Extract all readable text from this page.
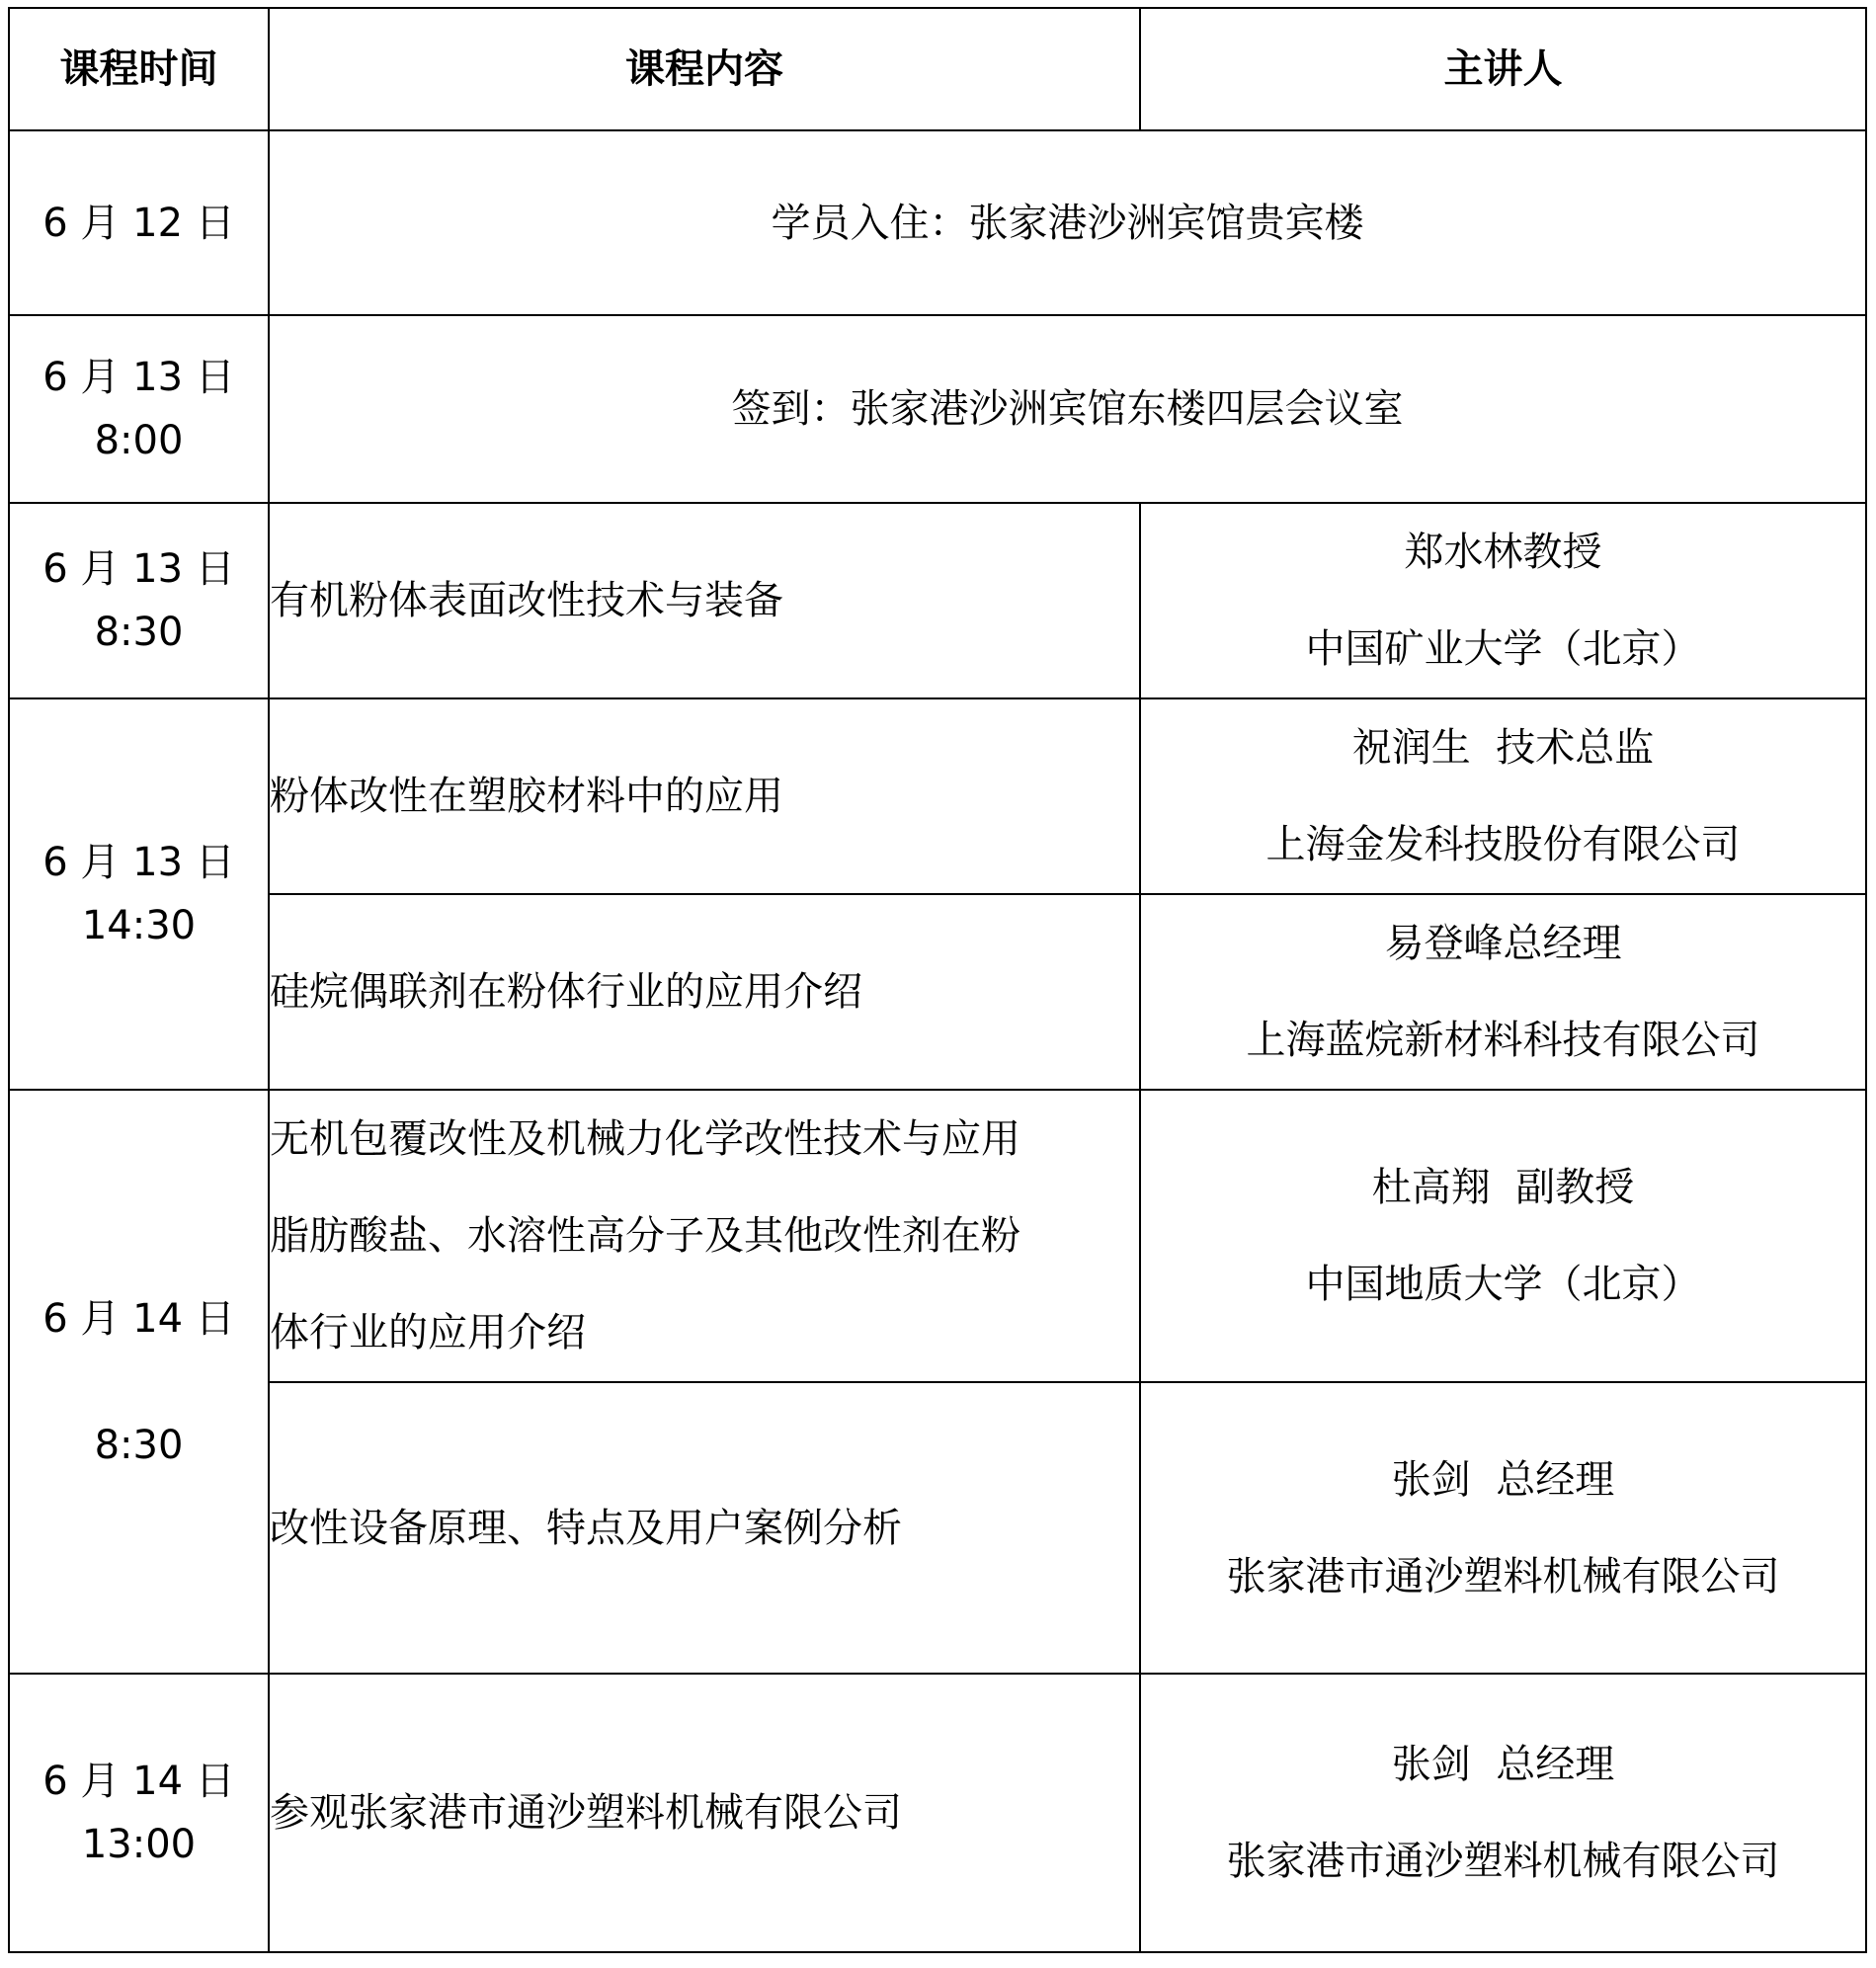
课程时间	课程内容	主讲人

6 月 12 日	学员入住：张家港沙洲宾馆贵宾楼	

6 月 13 日
8:00	签到：张家港沙洲宾馆东楼四层会议室	

6 月 13 日
8:30	有机粉体表面改性技术与装备	郑水林教授
中国矿业大学（北京）

6 月 13 日
14:30	粉体改性在塑胶材料中的应用	祝润生  技术总监
上海金发科技股份有限公司

	硅烷偶联剂在粉体行业的应用介绍	易登峰总经理
上海蓝烷新材料科技有限公司

6 月 14 日

8:30	无机包覆改性及机械力化学改性技术与应用
脂肪酸盐、水溶性高分子及其他改性剂在粉
体行业的应用介绍	杜高翔  副教授
中国地质大学（北京）

	改性设备原理、特点及用户案例分析	张剑  总经理
张家港市通沙塑料机械有限公司

6 月 14 日
13:00	参观张家港市通沙塑料机械有限公司	张剑  总经理
张家港市通沙塑料机械有限公司
